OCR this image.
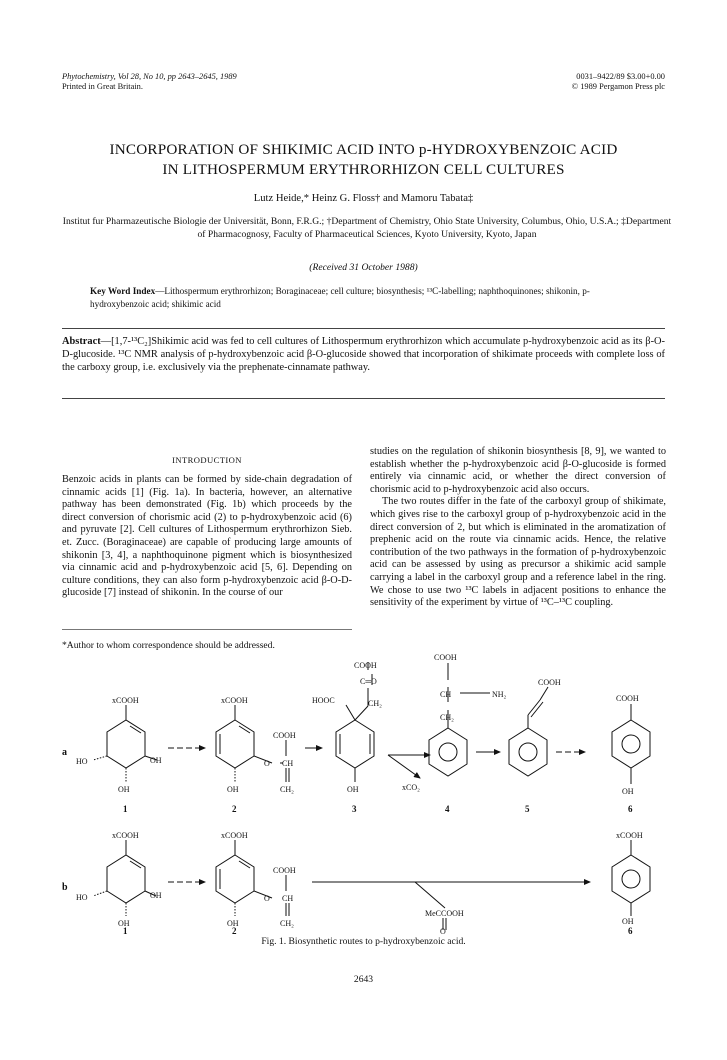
Phytochemistry, Vol 28, No 10, pp 2643–2645, 1989
Printed in Great Britain.
0031–9422/89 $3.00+0.00
© 1989 Pergamon Press plc
INCORPORATION OF SHIKIMIC ACID INTO p-HYDROXYBENZOIC ACID
IN LITHOSPERMUM ERYTHRORHIZON CELL CULTURES
Lutz Heide,* Heinz G. Floss† and Mamoru Tabata‡
Institut fur Pharmazeutische Biologie der Universität, Bonn, F.R.G.; †Department of Chemistry, Ohio State University, Columbus, Ohio, U.S.A.; ‡Department of Pharmacognosy, Faculty of Pharmaceutical Sciences, Kyoto University, Kyoto, Japan
(Received 31 October 1988)
Key Word Index—Lithospermum erythrorhizon; Boraginaceae; cell culture; biosynthesis; ¹³C-labelling; naphthoquinones; shikonin, p-hydroxybenzoic acid; shikimic acid
Abstract—[1,7-¹³C₂]Shikimic acid was fed to cell cultures of Lithospermum erythrorhizon which accumulate p-hydroxybenzoic acid as its β-O-D-glucoside. ¹³C NMR analysis of p-hydroxybenzoic acid β-O-glucoside showed that incorporation of shikimate proceeds with complete loss of the carboxy group, i.e. exclusively via the prephenate-cinnamate pathway.
INTRODUCTION

Benzoic acids in plants can be formed by side-chain degradation of cinnamic acids [1] (Fig. 1a). In bacteria, however, an alternative pathway has been demonstrated (Fig. 1b) which proceeds by the direct conversion of chorismic acid (2) to p-hydroxybenzoic acid (6) and pyruvate [2]. Cell cultures of Lithospermum erythrorhizon Sieb. et. Zucc. (Boraginaceae) are capable of producing large amounts of shikonin [3, 4], a naphthoquinone pigment which is biosynthesized via cinnamic acid and p-hydroxybenzoic acid [5, 6]. Depending on culture conditions, they can also form p-hydroxybenzoic acid β-O-D-glucoside [7] instead of shikonin. In the course of our

*Author to whom correspondence should be addressed.

studies on the regulation of shikonin biosynthesis [8, 9], we wanted to establish whether the p-hydroxybenzoic acid β-O-glucoside is formed entirely via cinnamic acid, or whether the direct conversion of chorismic acid to p-hydroxybenzoic acid also occurs.

The two routes differ in the fate of the carboxyl group of shikimate, which gives rise to the carboxyl group of p-hydroxybenzoic acid in the direct conversion of 2, but which is eliminated in the aromatization of prephenic acid on the route via cinnamic acids. Hence, the relative contribution of the two pathways in the formation of p-hydroxybenzoic acid can be assessed by using as precursor a shikimic acid sample carrying a label in the carboxyl group and a reference label in the ring. We chose to use two ¹³C labels in adjacent positions to enhance the sensitivity of the experiment by virtue of ¹³C–¹³C coupling.

a
b
xCOOH
HO	OH
OH
xCOOH
OH
COOH
CH
O
CH₂
HOOC	CH₂
C═O
COOH
OH	xCO₂
COOH
CH	NH₂
CH₂
COOH
COOH
OH
xCOOH
HO	OH
OH
xCOOH
OH
COOH
CH
O
CH₂
MeCCOOH
O
xCOOH
OH
1	2	3	4	5	6
1	2	6
Fig. 1. Biosynthetic routes to p-hydroxybenzoic acid.
2643
